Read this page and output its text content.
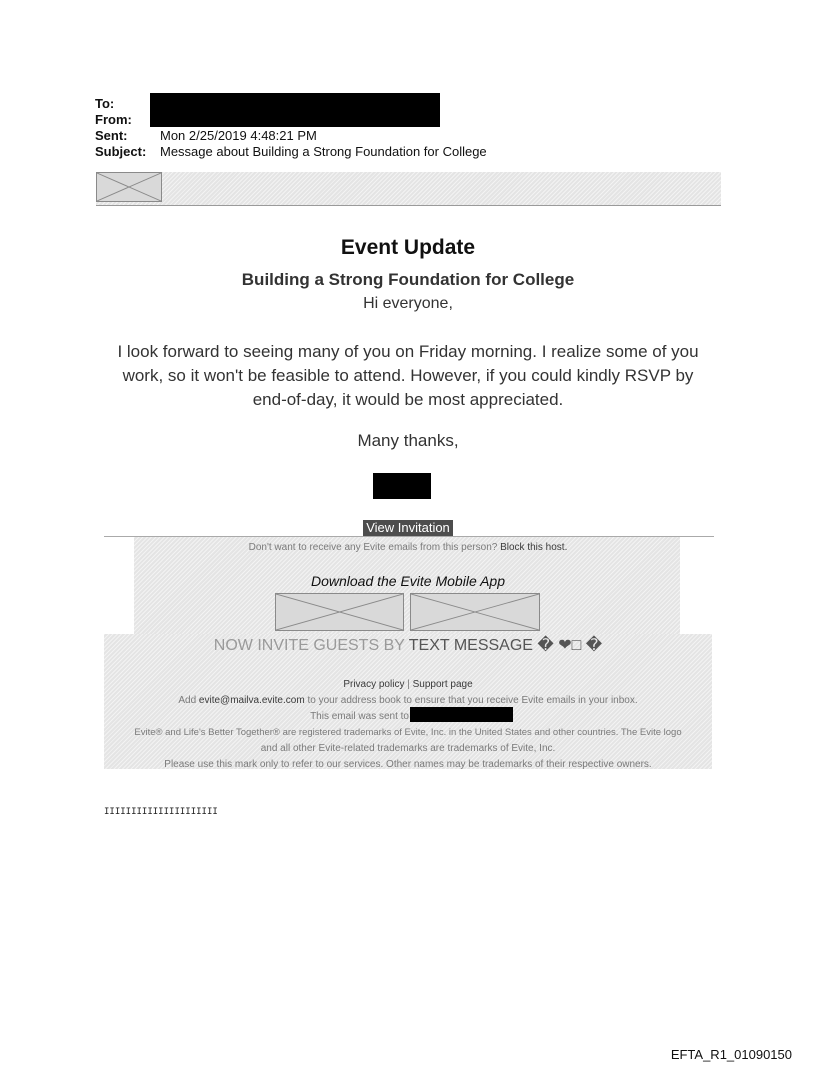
To:
From:
Sent:	Mon 2/25/2019 4:48:21 PM
Subject: Message about Building a Strong Foundation for College
Event Update
Building a Strong Foundation for College
Hi everyone,
I look forward to seeing many of you on Friday morning. I realize some of you
work, so it won't be feasible to attend. However, if you could kindly RSVP by
end-of-day, it would be most appreciated.
Many thanks,
View Invitation
Don't want to receive any Evite emails from this person? Block this host.
Download the Evite Mobile App
NOW INVITE GUESTS BY TEXT MESSAGE � ❤□ �
Privacy policy | Support page
Add evite@mailva.evite.com to your address book to ensure that you receive Evite emails in your inbox.
This email was sent to
Evite® and Life's Better Together® are registered trademarks of Evite, Inc. in the United States and other countries. The Evite logo
and all other Evite-related trademarks are trademarks of Evite, Inc.
Please use this mark only to refer to our services. Other names may be trademarks of their respective owners.
IIIIIIIIIIIIIIIIIIIII
EFTA_R1_01090150
